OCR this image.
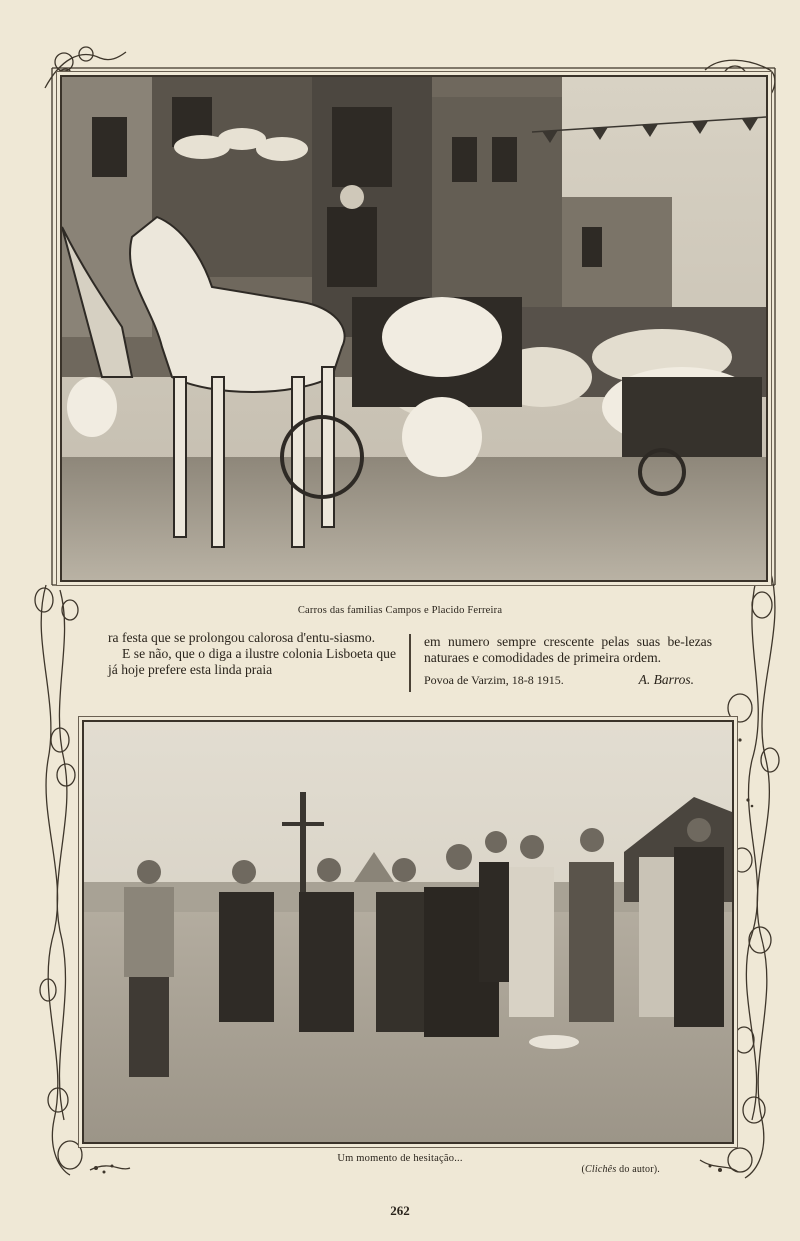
Carros das familias Campos e Placido Ferreira

ra festa que se prolongou calorosa d'entu-siasmo.

E se não, que o diga a ilustre colonia Lisboeta que já hoje prefere esta linda praia

em numero sempre crescente pelas suas be-lezas naturaes e comodidades de primeira ordem.

Povoa de Varzim, 18-8 1915.	A. Barros.
Um momento de hesitação...
(Clichês do autor).
262
